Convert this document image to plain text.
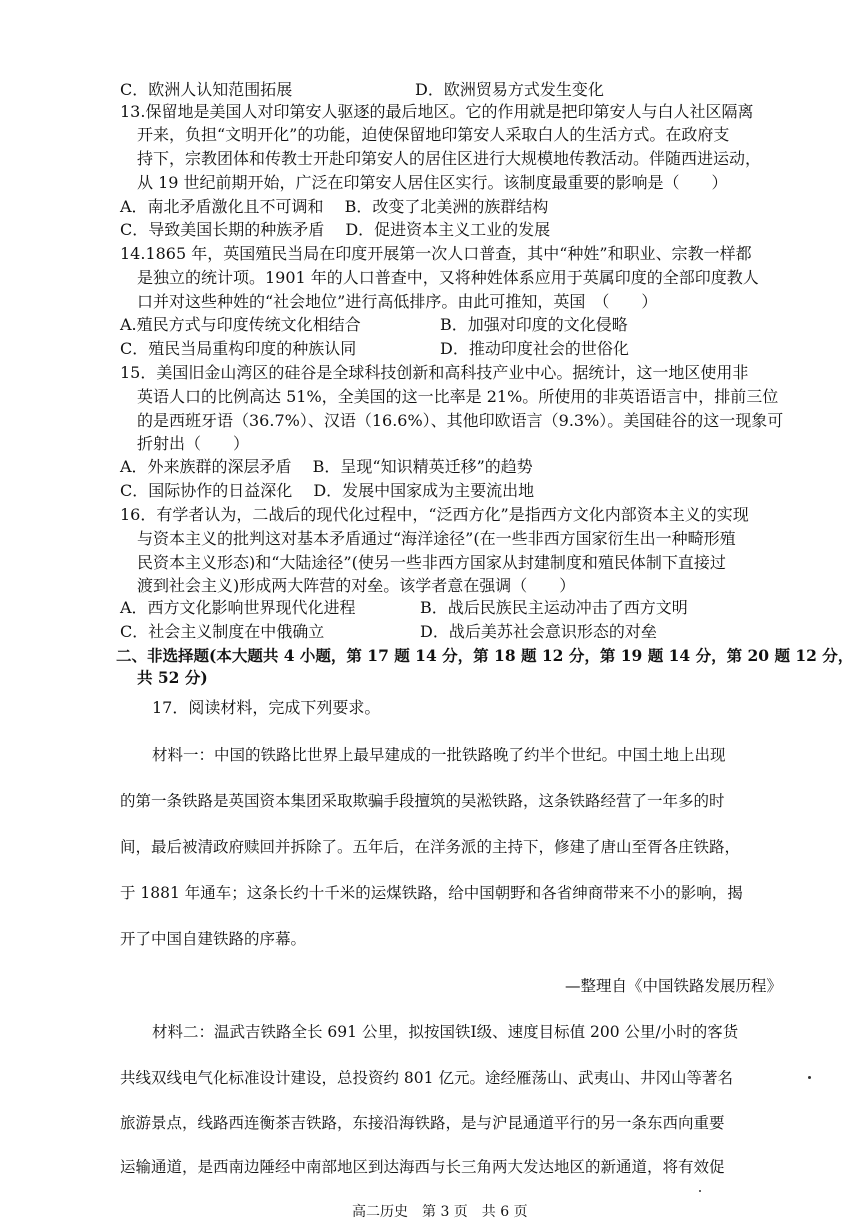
C．欧洲人认知范围拓展	D．欧洲贸易方式发生变化
13.保留地是美国人对印第安人驱逐的最后地区。它的作用就是把印第安人与白人社区隔离
开来，负担“文明开化”的功能，迫使保留地印第安人采取白人的生活方式。在政府支
持下，宗教团体和传教士开赴印第安人的居住区进行大规模地传教活动。伴随西进运动，
从 19 世纪前期开始，广泛在印第安人居住区实行。该制度最重要的影响是（　　）
A．南北矛盾激化且不可调和　 B．改变了北美洲的族群结构
C．导致美国长期的种族矛盾　 D．促进资本主义工业的发展
14.1865 年，英国殖民当局在印度开展第一次人口普查，其中“种姓”和职业、宗教一样都
是独立的统计项。1901 年的人口普查中，又将种姓体系应用于英属印度的全部印度教人
口并对这些种姓的“社会地位”进行高低排序。由此可推知，英国　（　　）
A.殖民方式与印度传统文化相结合	B．加强对印度的文化侵略
C．殖民当局重构印度的种族认同	D．推动印度社会的世俗化
15．美国旧金山湾区的硅谷是全球科技创新和高科技产业中心。据统计，这一地区使用非
英语人口的比例高达 51%，全美国的这一比率是 21%。所使用的非英语语言中，排前三位
的是西班牙语（36.7%）、汉语（16.6%）、其他印欧语言（9.3%）。美国硅谷的这一现象可
折射出（　　）
A．外来族群的深层矛盾　 B．呈现“知识精英迁移”的趋势
C．国际协作的日益深化　 D．发展中国家成为主要流出地
16．有学者认为，二战后的现代化过程中，“泛西方化”是指西方文化内部资本主义的实现
与资本主义的批判这对基本矛盾通过“海洋途径”(在一些非西方国家衍生出一种畸形殖
民资本主义形态)和“大陆途径”(使另一些非西方国家从封建制度和殖民体制下直接过
渡到社会主义)形成两大阵营的对垒。该学者意在强调（　　）
A．西方文化影响世界现代化进程	B．战后民族民主运动冲击了西方文明
C．社会主义制度在中俄确立	D．战后美苏社会意识形态的对垒
二、非选择题(本大题共 4 小题，第 17 题 14 分，第 18 题 12 分，第 19 题 14 分，第 20 题 12 分，
共 52 分)
17．阅读材料，完成下列要求。
材料一：中国的铁路比世界上最早建成的一批铁路晚了约半个世纪。中国土地上出现
的第一条铁路是英国资本集团采取欺骗手段擅筑的吴淞铁路，这条铁路经营了一年多的时
间，最后被清政府赎回并拆除了。五年后，在洋务派的主持下，修建了唐山至胥各庄铁路，
于 1881 年通车；这条长约十千米的运煤铁路，给中国朝野和各省绅商带来不小的影响，揭
开了中国自建铁路的序幕。
—整理自《中国铁路发展历程》
材料二：温武吉铁路全长 691 公里，拟按国铁Ⅰ级、速度目标值 200 公里/小时的客货
共线双线电气化标准设计建设，总投资约 801 亿元。途经雁荡山、武夷山、井冈山等著名
旅游景点，线路西连衡茶吉铁路，东接沿海铁路，是与沪昆通道平行的另一条东西向重要
运输通道，是西南边陲经中南部地区到达海西与长三角两大发达地区的新通道，将有效促
高二历史　第 3 页　共 6 页
